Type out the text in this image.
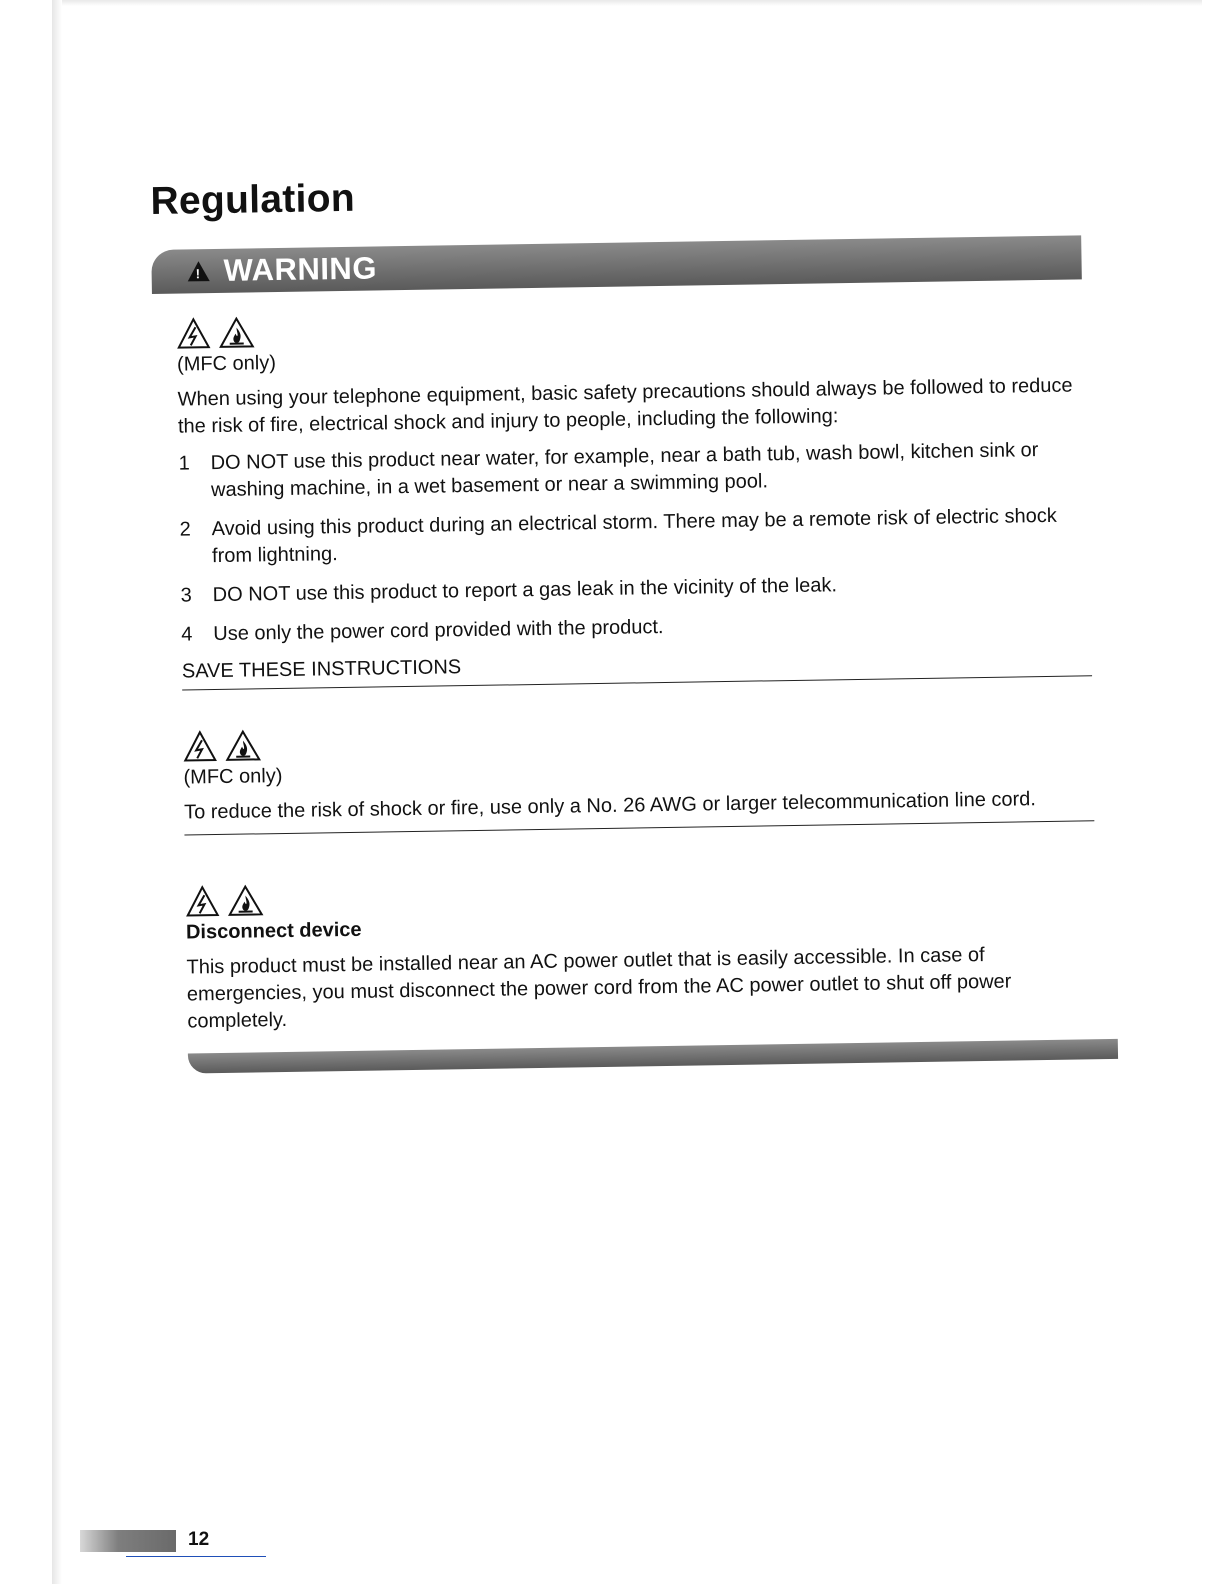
Regulation
!
WARNING
(MFC only)

When using your telephone equipment, basic safety precautions should always be followed to reduce the risk of fire, electrical shock and injury to people, including the following:

1	DO NOT use this product near water, for example, near a bath tub, wash bowl, kitchen sink or washing machine, in a wet basement or near a swimming pool.
2	Avoid using this product during an electrical storm. There may be a remote risk of electric shock from lightning.
3	DO NOT use this product to report a gas leak in the vicinity of the leak.
4	Use only the power cord provided with the product.
SAVE THESE INSTRUCTIONS
(MFC only)

To reduce the risk of shock or fire, use only a No. 26 AWG or larger telecommunication line cord.

Disconnect device

This product must be installed near an AC power outlet that is easily accessible. In case of emergencies, you must disconnect the power cord from the AC power outlet to shut off power completely.

12
